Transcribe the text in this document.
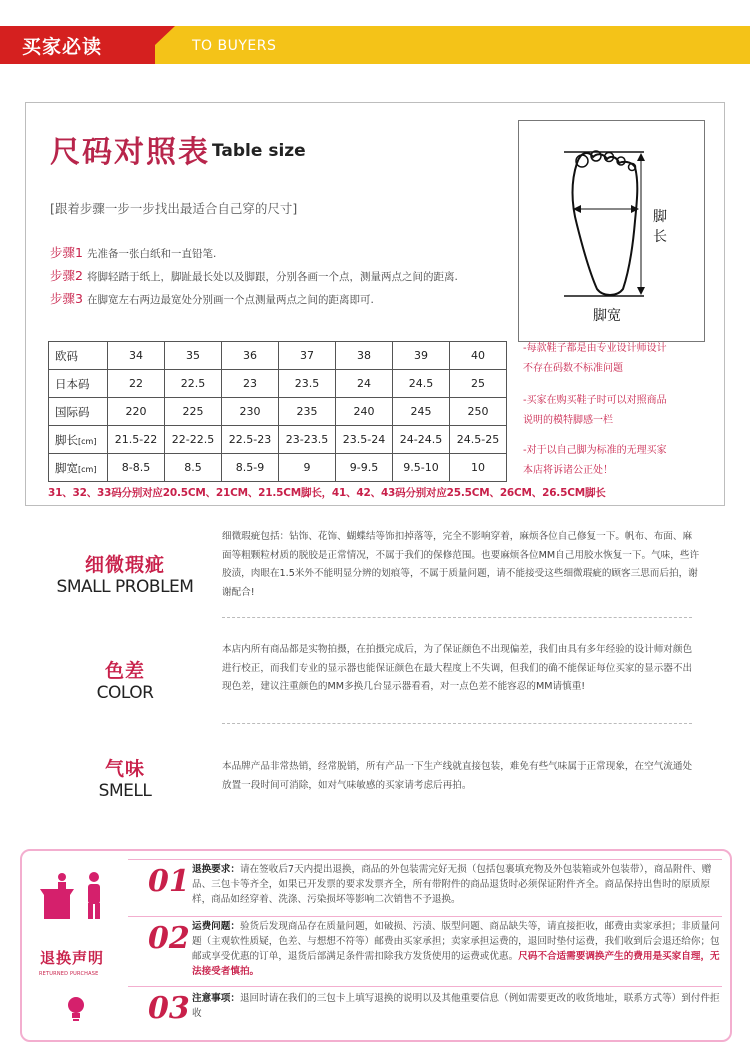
买家必读	TO BUYERS
尺码对照表 Table size
[跟着步骤一步一步找出最适合自己穿的尺寸]
步骤1 先准备一张白纸和一直铅笔.
步骤2 将脚轻踏于纸上，脚趾最长处以及脚跟，分别各画一个点，测量两点之间的距离.
步骤3 在脚宽左右两边最宽处分别画一个点测量两点之间的距离即可.
脚长
脚宽
欧码	34	35	36	37	38	39	40
日本码	22	22.5	23	23.5	24	24.5	25
国际码	220	225	230	235	240	245	250
脚长[cm]	21.5-22	22-22.5	22.5-23	23-23.5	23.5-24	24-24.5	24.5-25
脚宽[cm]	8-8.5	8.5	8.5-9	9	9-9.5	9.5-10	10
-每款鞋子都是由专业设计师设计
不存在码数不标准问题
-买家在购买鞋子时可以对照商品
说明的模特脚感一栏
-对于以自己脚为标准的无理买家
本店将诉诸公正处！
31、32、33码分别对应20.5CM、21CM、21.5CM脚长，41、42、43码分别对应25.5CM、26CM、26.5CM脚长
细微瑕疵
SMALL PROBLEM
细微瑕疵包括：钻饰、花饰、蝴蝶结等饰扣掉落等，完全不影响穿着，麻烦各位自己修复一下。帆布、布面、麻面等粗颗粒材质的脱胶是正常情况，不属于我们的保修范围。也要麻烦各位MM自己用胶水恢复一下。气味，些许胶渍，肉眼在1.5米外不能明显分辨的划痕等，不属于质量问题，请不能接受这些细微瑕疵的顾客三思而后拍，谢谢配合!
色差
COLOR
本店内所有商品都是实物拍摄，在拍摄完成后，为了保证颜色不出现偏差，我们由具有多年经验的设计师对颜色进行校正，而我们专业的显示器也能保证颜色在最大程度上不失调，但我们的确不能保证每位买家的显示器不出现色差，建议注重颜色的MM多换几台显示器看看，对一点色差不能容忍的MM请慎重!
气味
SMELL
本品牌产品非常热销，经常脱销，所有产品一下生产线就直接包装，难免有些气味属于正常现象，在空气流通处放置一段时间可消除，如对气味敏感的买家请考虑后再拍。
退换声明
RETURNED PURCHASE
01 退换要求：请在签收后7天内提出退换，商品的外包装需完好无损（包括包裹填充物及外包装箱或外包装带），商品附件、赠品、三包卡等齐全，如果已开发票的要求发票齐全，所有带附件的商品退货时必须保证附件齐全。商品保持出售时的原质原样，商品如经穿着、洗涤、污染损坏等影响二次销售不予退换。
02 运费问题：验货后发现商品存在质量问题，如破损、污渍、版型问题、商品缺失等，请直接拒收，邮费由卖家承担；非质量问题（主观软性质疑，色差、与想想不符等）邮费由买家承担；卖家承担运费的，退回时垫付运费，我们收到后会退还给你；包邮或享受优惠的订单，退货后部满足条件需扣除我方发货使用的运费或优惠。尺码不合适需要调换产生的费用是买家自理，无法接受者慎拍。
03 注意事项：退回时请在我们的三包卡上填写退换的说明以及其他重要信息（例如需要更改的收货地址，联系方式等）到付件拒收
